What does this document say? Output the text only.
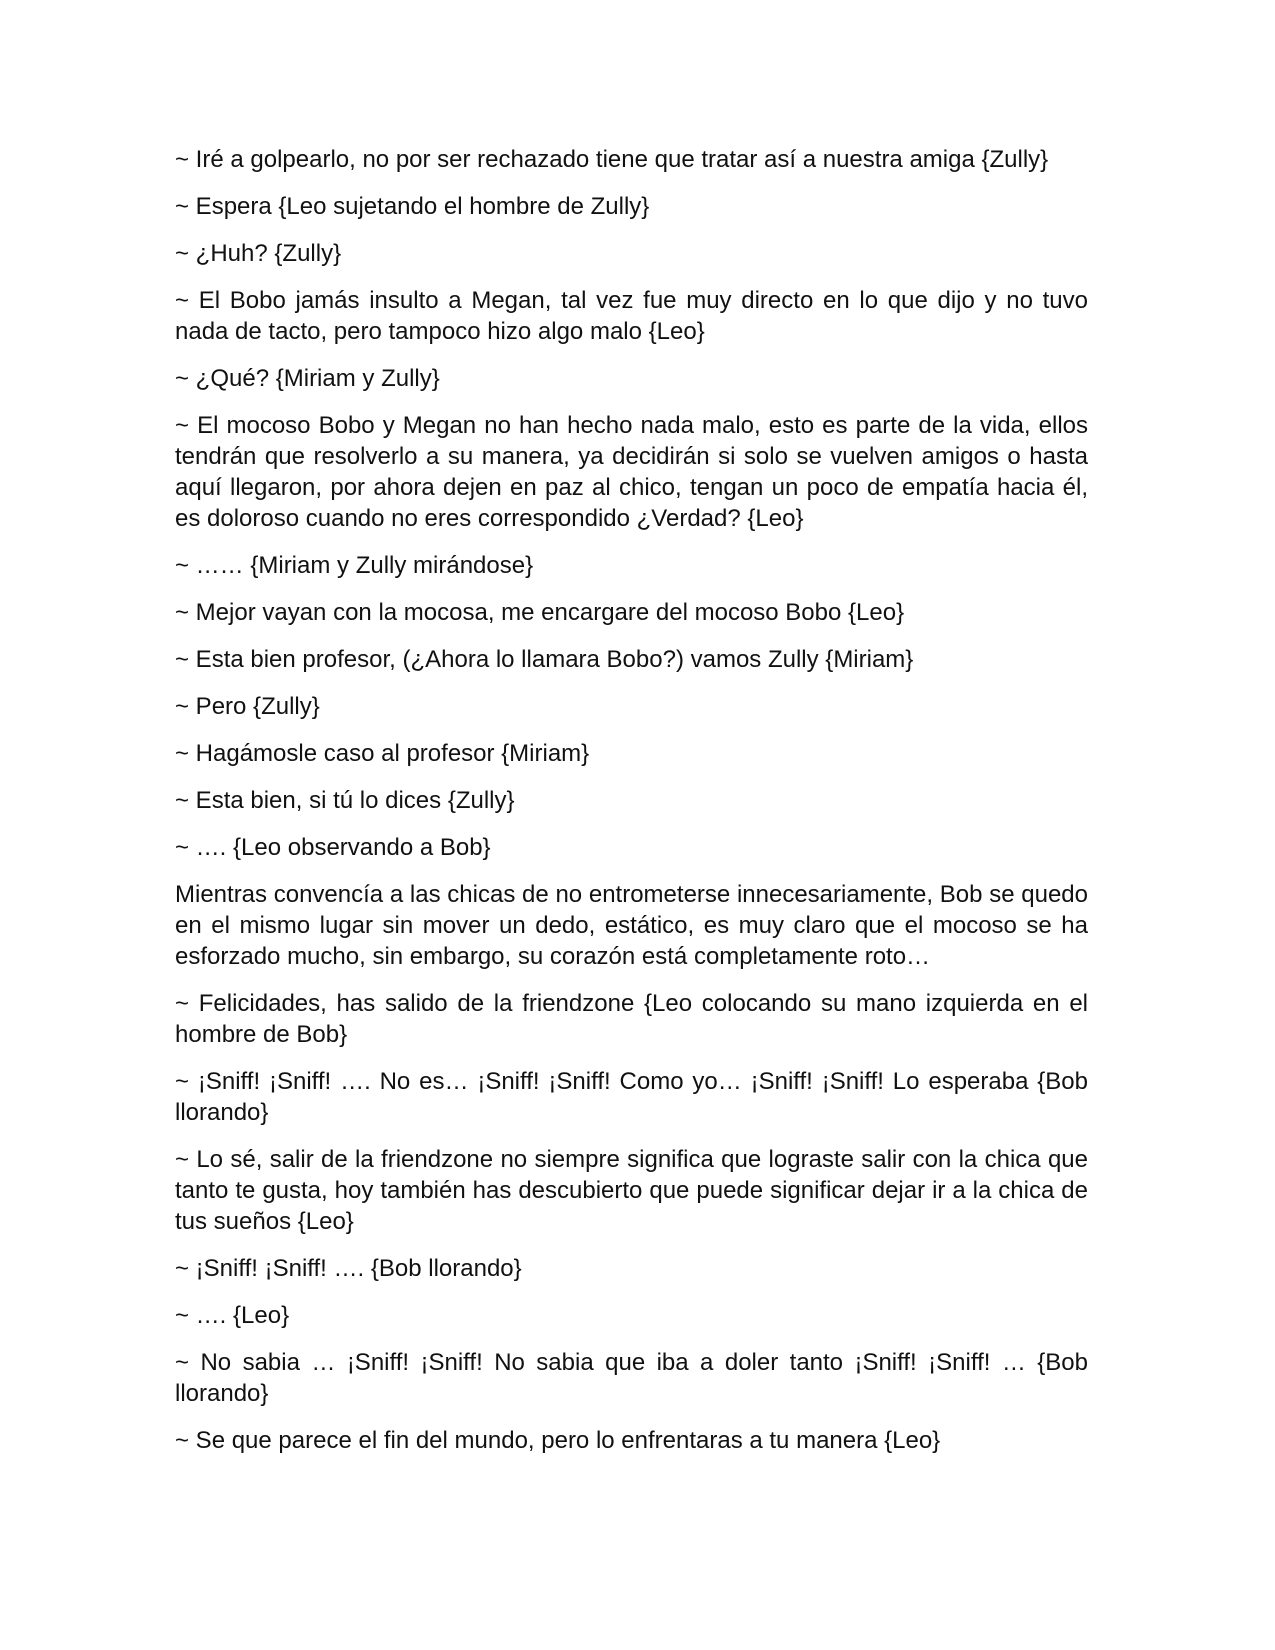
~ Iré a golpearlo, no por ser rechazado tiene que tratar así a nuestra amiga {Zully}

~ Espera {Leo sujetando el hombre de Zully}

~ ¿Huh? {Zully}

~ El Bobo jamás insulto a Megan, tal vez fue muy directo en lo que dijo y no tuvo nada de tacto, pero tampoco hizo algo malo {Leo}

~ ¿Qué? {Miriam y Zully}

~ El mocoso Bobo y Megan no han hecho nada malo, esto es parte de la vida, ellos tendrán que resolverlo a su manera, ya decidirán si solo se vuelven amigos o hasta aquí llegaron, por ahora dejen en paz al chico, tengan un poco de empatía hacia él, es doloroso cuando no eres correspondido ¿Verdad? {Leo}

~ …… {Miriam y Zully mirándose}

~ Mejor vayan con la mocosa, me encargare del mocoso Bobo {Leo}

~ Esta bien profesor, (¿Ahora lo llamara Bobo?) vamos Zully {Miriam}

~ Pero {Zully}

~ Hagámosle caso al profesor {Miriam}

~ Esta bien, si tú lo dices {Zully}

~ …. {Leo observando a Bob}

Mientras convencía a las chicas de no entrometerse innecesariamente, Bob se quedo en el mismo lugar sin mover un dedo, estático, es muy claro que el mocoso se ha esforzado mucho, sin embargo, su corazón está completamente roto…

~ Felicidades, has salido de la friendzone {Leo colocando su mano izquierda en el hombre de Bob}

~ ¡Sniff! ¡Sniff! …. No es… ¡Sniff! ¡Sniff! Como yo… ¡Sniff! ¡Sniff! Lo esperaba {Bob llorando}

~ Lo sé, salir de la friendzone no siempre significa que lograste salir con la chica que tanto te gusta, hoy también has descubierto que puede significar dejar ir a la chica de tus sueños {Leo}

~ ¡Sniff! ¡Sniff! …. {Bob llorando}

~ …. {Leo}

~ No sabia … ¡Sniff! ¡Sniff! No sabia que iba a doler tanto ¡Sniff! ¡Sniff! … {Bob llorando}

~ Se que parece el fin del mundo, pero lo enfrentaras a tu manera {Leo}
